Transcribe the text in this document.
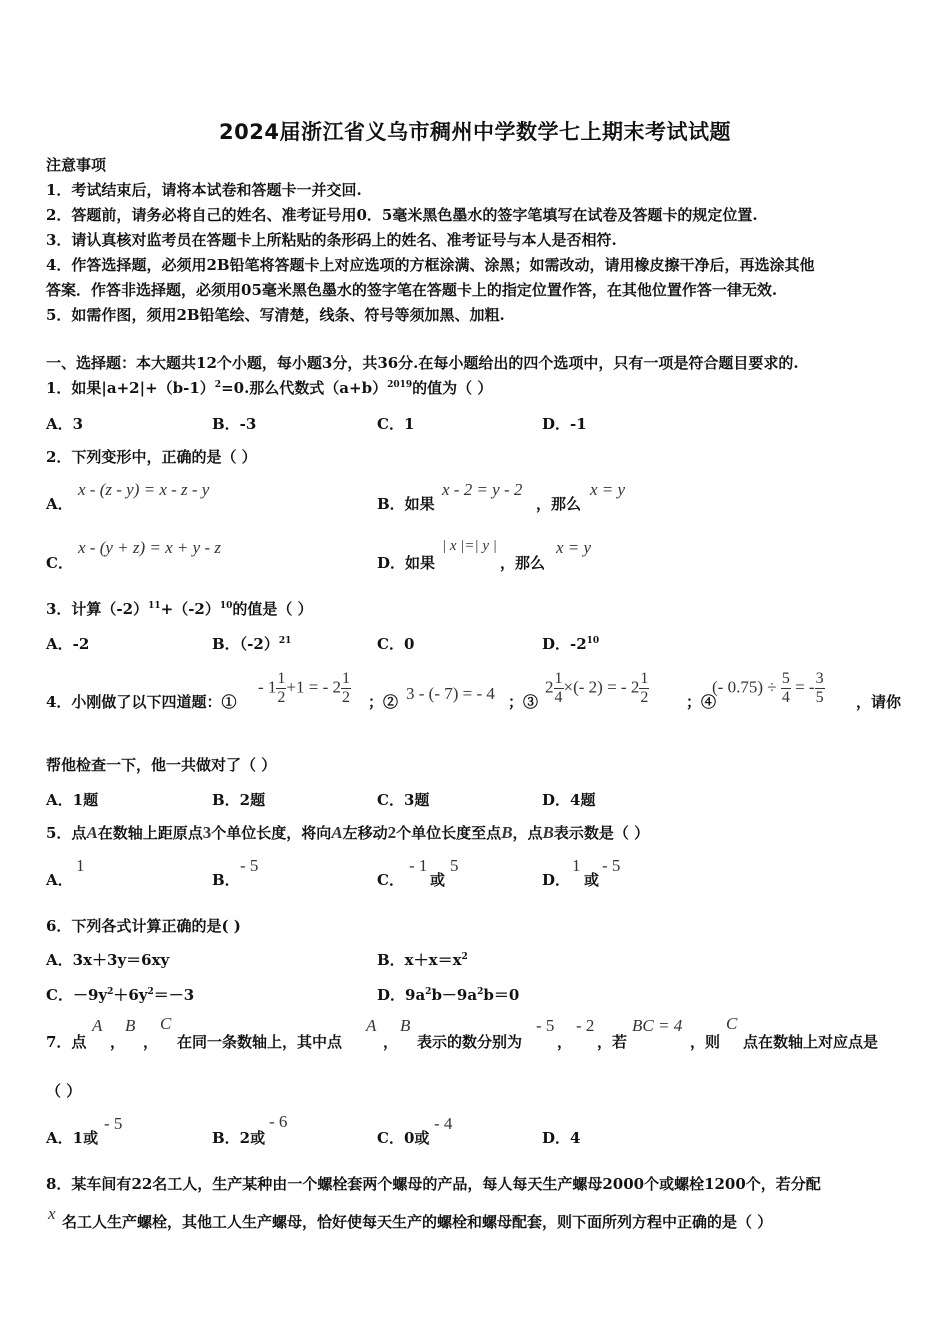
2024届浙江省义乌市稠州中学数学七上期末考试试题
注意事项
1．考试结束后，请将本试卷和答题卡一并交回.
2．答题前，请务必将自己的姓名、准考证号用0．5毫米黑色墨水的签字笔填写在试卷及答题卡的规定位置.
3．请认真核对监考员在答题卡上所粘贴的条形码上的姓名、准考证号与本人是否相符.
4．作答选择题，必须用2B铅笔将答题卡上对应选项的方框涂满、涂黑；如需改动，请用橡皮擦干净后，再选涂其他
答案．作答非选择题，必须用05毫米黑色墨水的签字笔在答题卡上的指定位置作答，在其他位置作答一律无效.
5．如需作图，须用2B铅笔绘、写清楚，线条、符号等须加黑、加粗.
一、选择题：本大题共12个小题，每小题3分，共36分.在每小题给出的四个选项中，只有一项是符合题目要求的.
1．如果$|a+2|+(b-1)^2=0$.那么代数式$(a+b)^{2019}$的值为（ ）
A．3	B．-3	C．1	D．-1
2．下列变形中，正确的是（ ）
A．
x - (z - y) = x - z - y
B．如果
x - 2 = y - 2
，那么
x = y
C．
x - (y + z) = x + y - z
D．如果
| x |=| y |
，那么
x = y
3．计算$(-2)^{11}+(-2)^{10}$的值是（ ）
A．-2	B．$(-2)^{21}$	C．0	D．$-2^{10}$
4．小刚做了以下四道题：①
- $1 \frac{1}{2} +1$ = - $2 \frac{1}{2}$ ；② 3 - (- 7) = - 4 ；③
$2 \frac{1}{4}$ ×(- 2) = - $2 \frac{1}{2}$ ；④
(- $0.75) \div \frac{5}{4}$ = - $\frac{3}{5}$ ，请你
帮他检查一下，他一共做对了（ ）
A．1题	B．2题	C．3题	D．4题
5．点A在数轴上距原点3个单位长度，将向A左移动2个单位长度至点B，点B表示数是（ ）
A．
1
B．
- 5
C．
- 1
或
5
D．
1
或
- 5
6．下列各式计算正确的是( )
A．3x＋3y＝6xy	B．$x+x=x^2$
C．$-9y^2+6y^2=-3$	D．$9a^2b-9a^2b=0$
7．点
A
，
B
，
C
在同一条数轴上，其中点
A
，
B
表示的数分别为
- 5
，
- 2
，若
BC = 4
，则
C
点在数轴上对应点是
（ ）
A．1或
- 5
B．2或
- 6
C．0或
- 4
D．4
8．某车间有22名工人，生产某种由一个螺栓套两个螺母的产品，每人每天生产螺母2000个或螺栓1200个，若分配
x 名工人生产螺栓，其他工人生产螺母，恰好使每天生产的螺栓和螺母配套，则下面所列方程中正确的是（ ）
